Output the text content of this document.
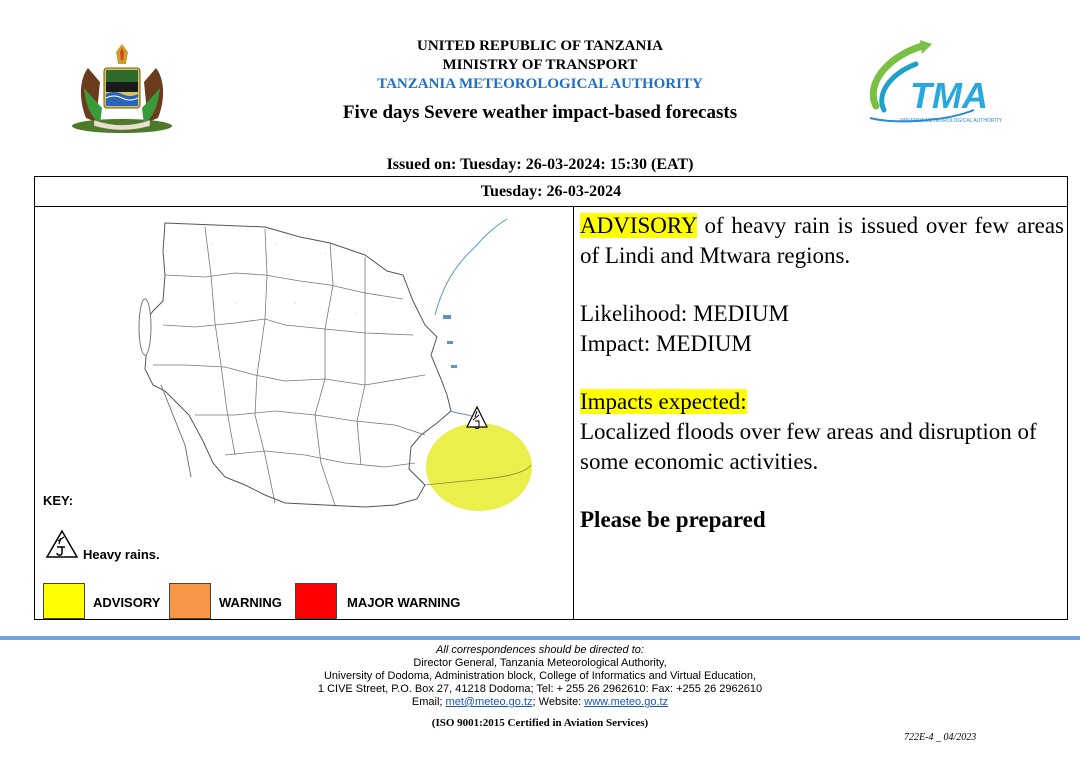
TMA
TANZANIA METEOROLOGICAL AUTHORITY
UNITED REPUBLIC OF TANZANIA
MINISTRY OF TRANSPORT
TANZANIA METEOROLOGICAL AUTHORITY
Five days Severe weather impact-based forecasts
Issued on: Tuesday: 26-03-2024: 15:30 (EAT)
Tuesday: 26-03-2024
·	·
·
·	·
·
KEY:
Heavy rains.
ADVISORY	WARNING	MAJOR WARNING

ADVISORY of heavy rain is issued over few areas of Lindi and Mtwara regions.

Likelihood: MEDIUM

Impact: MEDIUM

Impacts expected:

Localized floods over few areas and disruption of some economic activities.

Please be prepared

All correspondences should be directed to:
Director General, Tanzania Meteorological Authority,
University of Dodoma, Administration block, College of Informatics and Virtual Education,
1 CIVE Street, P.O. Box 27, 41218 Dodoma; Tel: + 255 26 2962610: Fax: +255 26 2962610
Email; met@meteo.go.tz; Website: www.meteo.go.tz
(ISO 9001:2015 Certified in Aviation Services)
722E-4 _ 04/2023
